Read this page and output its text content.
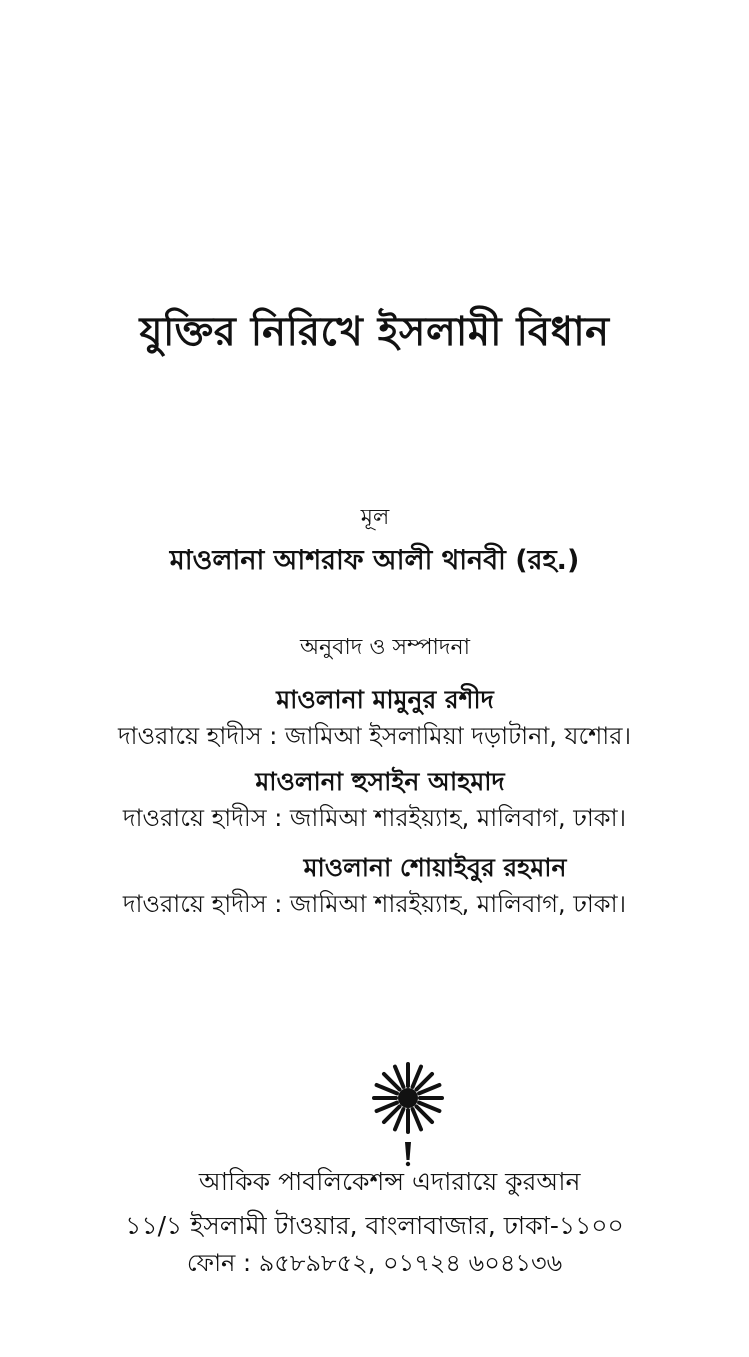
যুক্তির নিরিখে ইসলামী বিধান
মূল
মাওলানা আশরাফ আলী থানবী (রহ.)
অনুবাদ ও সম্পাদনা
মাওলানা মামুনুর রশীদ
দাওরায়ে হাদীস : জামিআ ইসলামিয়া দড়াটানা, যশোর।
মাওলানা হুসাইন আহমাদ
দাওরায়ে হাদীস : জামিআ শারইয়্যাহ, মালিবাগ, ঢাকা।
মাওলানা শোয়াইবুর রহমান
দাওরায়ে হাদীস : জামিআ শারইয়্যাহ, মালিবাগ, ঢাকা।
আকিক পাবলিকেশন্স এদারায়ে কুরআন
১১/১ ইসলামী টাওয়ার, বাংলাবাজার, ঢাকা-১১০০
ফোন : ৯৫৮৯৮৫২, ০১৭২৪ ৬০৪১৩৬
